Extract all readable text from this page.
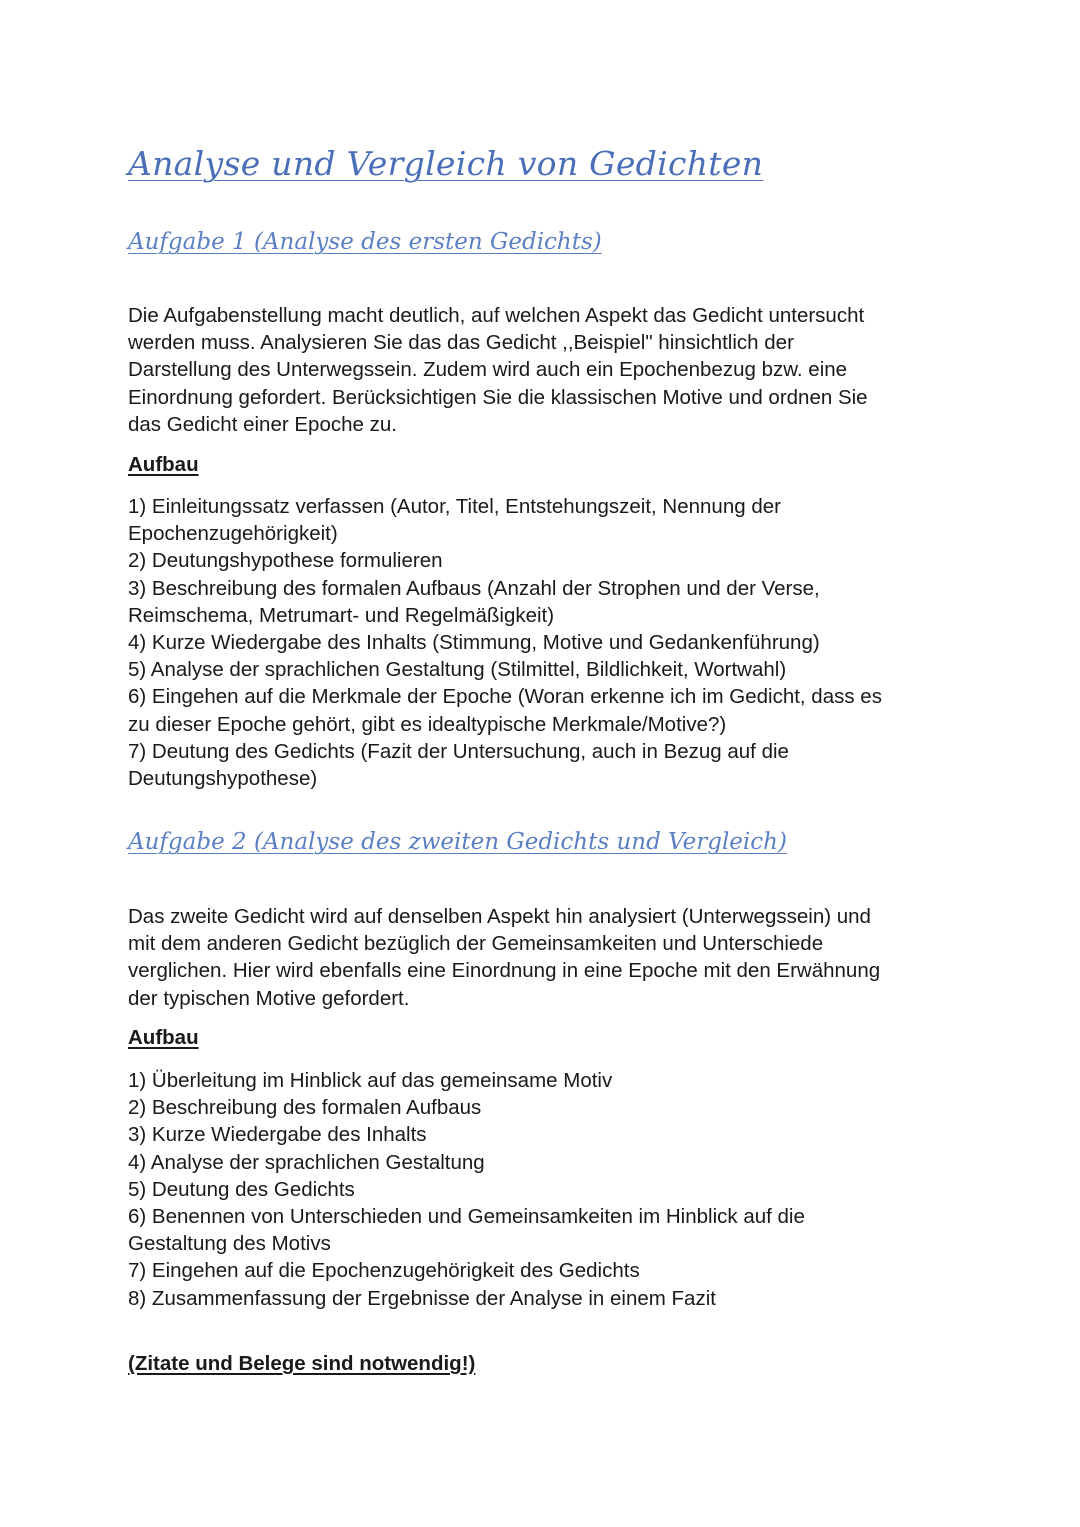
Analyse und Vergleich von Gedichten
Aufgabe 1 (Analyse des ersten Gedichts)

Die Aufgabenstellung macht deutlich, auf welchen Aspekt das Gedicht untersucht
werden muss. Analysieren Sie das das Gedicht ,,Beispiel" hinsichtlich der
Darstellung des Unterwegssein. Zudem wird auch ein Epochenbezug bzw. eine
Einordnung gefordert. Berücksichtigen Sie die klassischen Motive und ordnen Sie
das Gedicht einer Epoche zu.

Aufbau
1) Einleitungssatz verfassen (Autor, Titel, Entstehungszeit, Nennung der
Epochenzugehörigkeit)
2) Deutungshypothese formulieren
3) Beschreibung des formalen Aufbaus (Anzahl der Strophen und der Verse,
Reimschema, Metrumart- und Regelmäßigkeit)
4) Kurze Wiedergabe des Inhalts (Stimmung, Motive und Gedankenführung)
5) Analyse der sprachlichen Gestaltung (Stilmittel, Bildlichkeit, Wortwahl)
6) Eingehen auf die Merkmale der Epoche (Woran erkenne ich im Gedicht, dass es
zu dieser Epoche gehört, gibt es idealtypische Merkmale/Motive?)
7) Deutung des Gedichts (Fazit der Untersuchung, auch in Bezug auf die
Deutungshypothese)
Aufgabe 2 (Analyse des zweiten Gedichts und Vergleich)

Das zweite Gedicht wird auf denselben Aspekt hin analysiert (Unterwegssein) und
mit dem anderen Gedicht bezüglich der Gemeinsamkeiten und Unterschiede
verglichen. Hier wird ebenfalls eine Einordnung in eine Epoche mit den Erwähnung
der typischen Motive gefordert.

Aufbau
1) Überleitung im Hinblick auf das gemeinsame Motiv
2) Beschreibung des formalen Aufbaus
3) Kurze Wiedergabe des Inhalts
4) Analyse der sprachlichen Gestaltung
5) Deutung des Gedichts
6) Benennen von Unterschieden und Gemeinsamkeiten im Hinblick auf die
Gestaltung des Motivs
7) Eingehen auf die Epochenzugehörigkeit des Gedichts
8) Zusammenfassung der Ergebnisse der Analyse in einem Fazit

(Zitate und Belege sind notwendig!)
